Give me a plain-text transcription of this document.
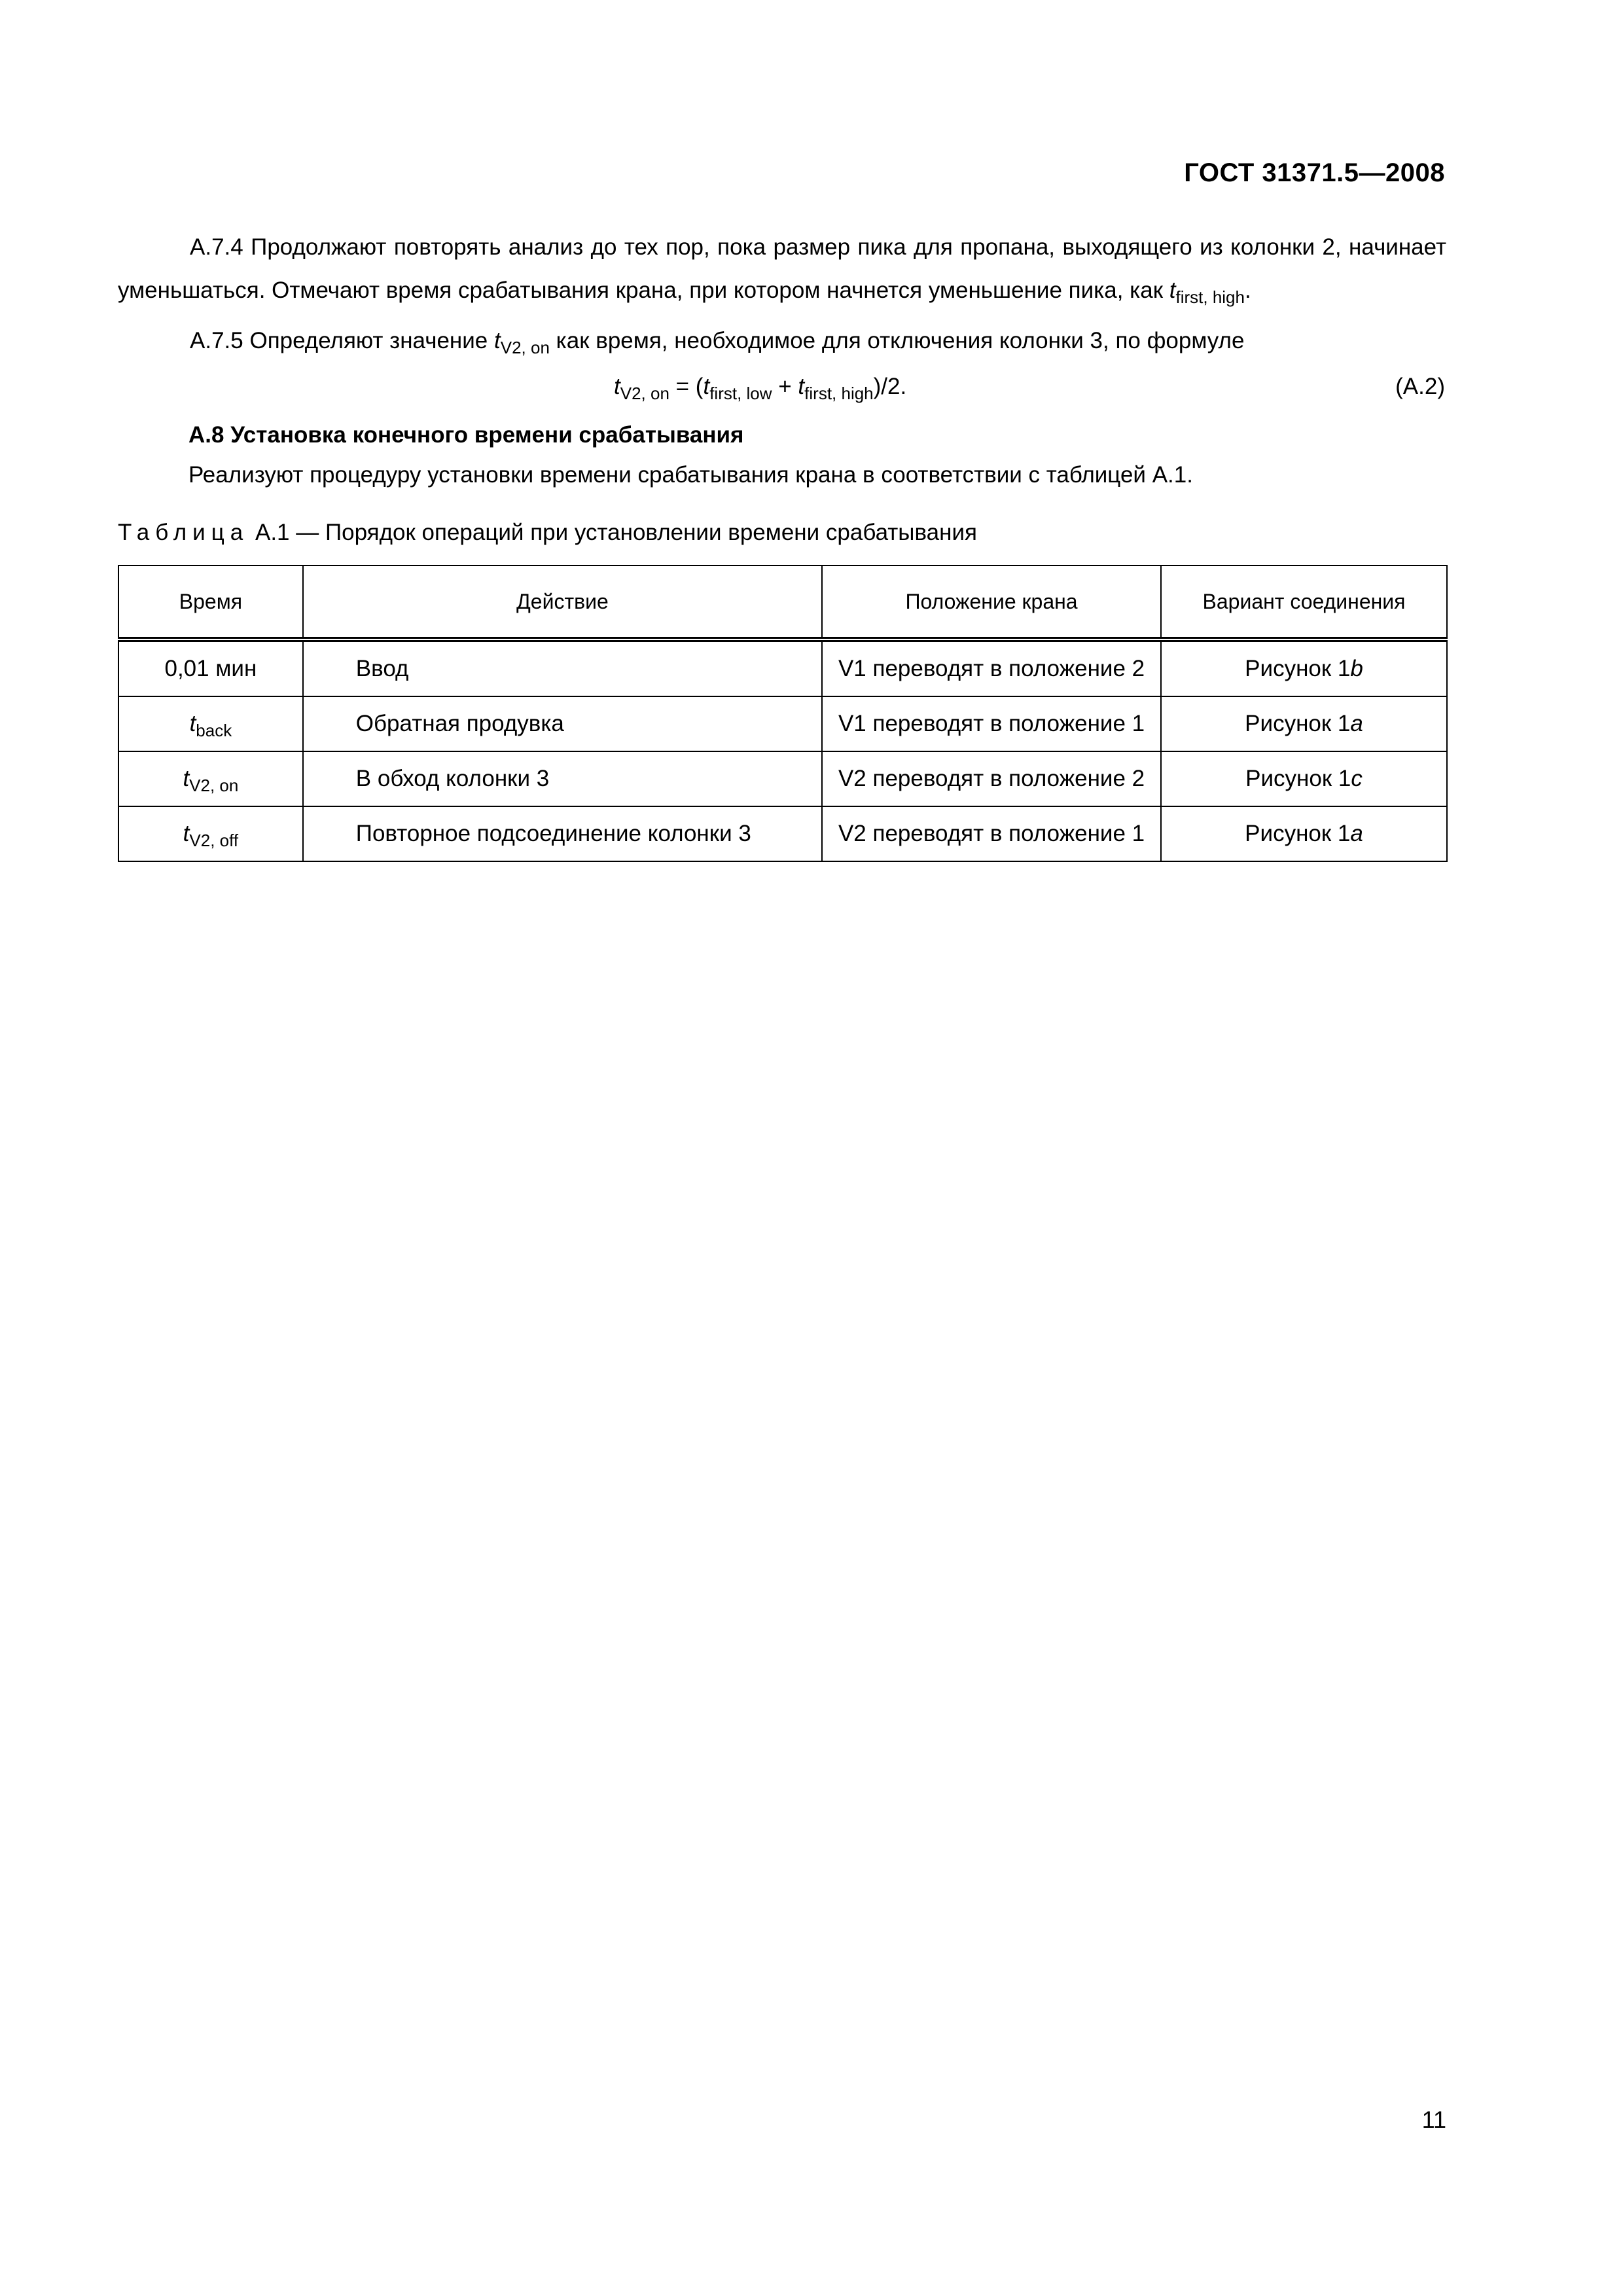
ГОСТ 31371.5—2008
А.7.4 Продолжают повторять анализ до тех пор, пока размер пика для пропана, выходящего из колонки 2, начинает уменьшаться. Отмечают время срабатывания крана, при котором начнется уменьшение пика, как $t_{first, high}$.
А.7.5 Определяют значение $t_{V2, on}$ как время, необходимое для отключения колонки 3, по формуле
$t_{V2, on} = (t_{first, low} + t_{first, high})/2$.	(A.2)
А.8 Установка конечного времени срабатывания
Реализуют процедуру установки времени срабатывания крана в соответствии с таблицей А.1.
Таблица А.1 — Порядок операций при установлении времени срабатывания
Время	Действие	Положение крана	Вариант соединения
0,01 мин	Ввод	V1 переводят в положение 2	Рисунок 1b
$t_{back}$	Обратная продувка	V1 переводят в положение 1	Рисунок 1a
$t_{V2, on}$	В обход колонки 3	V2 переводят в положение 2	Рисунок 1c
$t_{V2, off}$	Повторное подсоединение колонки 3	V2 переводят в положение 1	Рисунок 1a
11
